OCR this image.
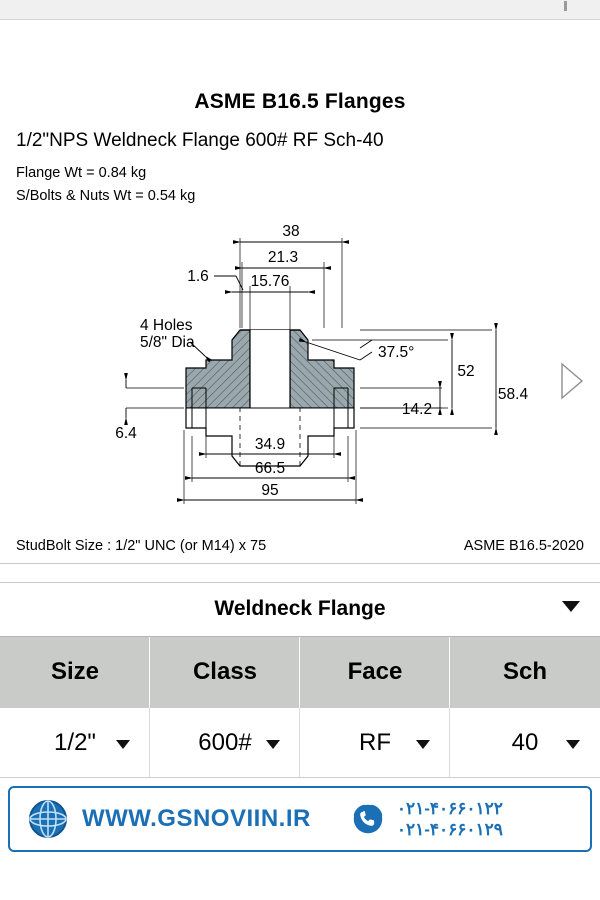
ASME B16.5 Flanges
1/2"NPS Weldneck Flange 600# RF Sch-40
Flange Wt = 0.84 kg
S/Bolts & Nuts Wt = 0.54 kg
38
21.3
15.76
1.6
52
58.4
14.2
6.4
34.9
66.5
95
4 Holes
5/8" Dia
37.5°
StudBolt Size : 1/2" UNC (or M14) x 75	ASME B16.5-2020
Weldneck Flange
Size	Class	Face	Sch
1/2"	600#	RF	40
WWW.GSNOVIIN.IR	۰۲۱-۴۰۶۶۰۱۲۲
۰۲۱-۴۰۶۶۰۱۲۹
